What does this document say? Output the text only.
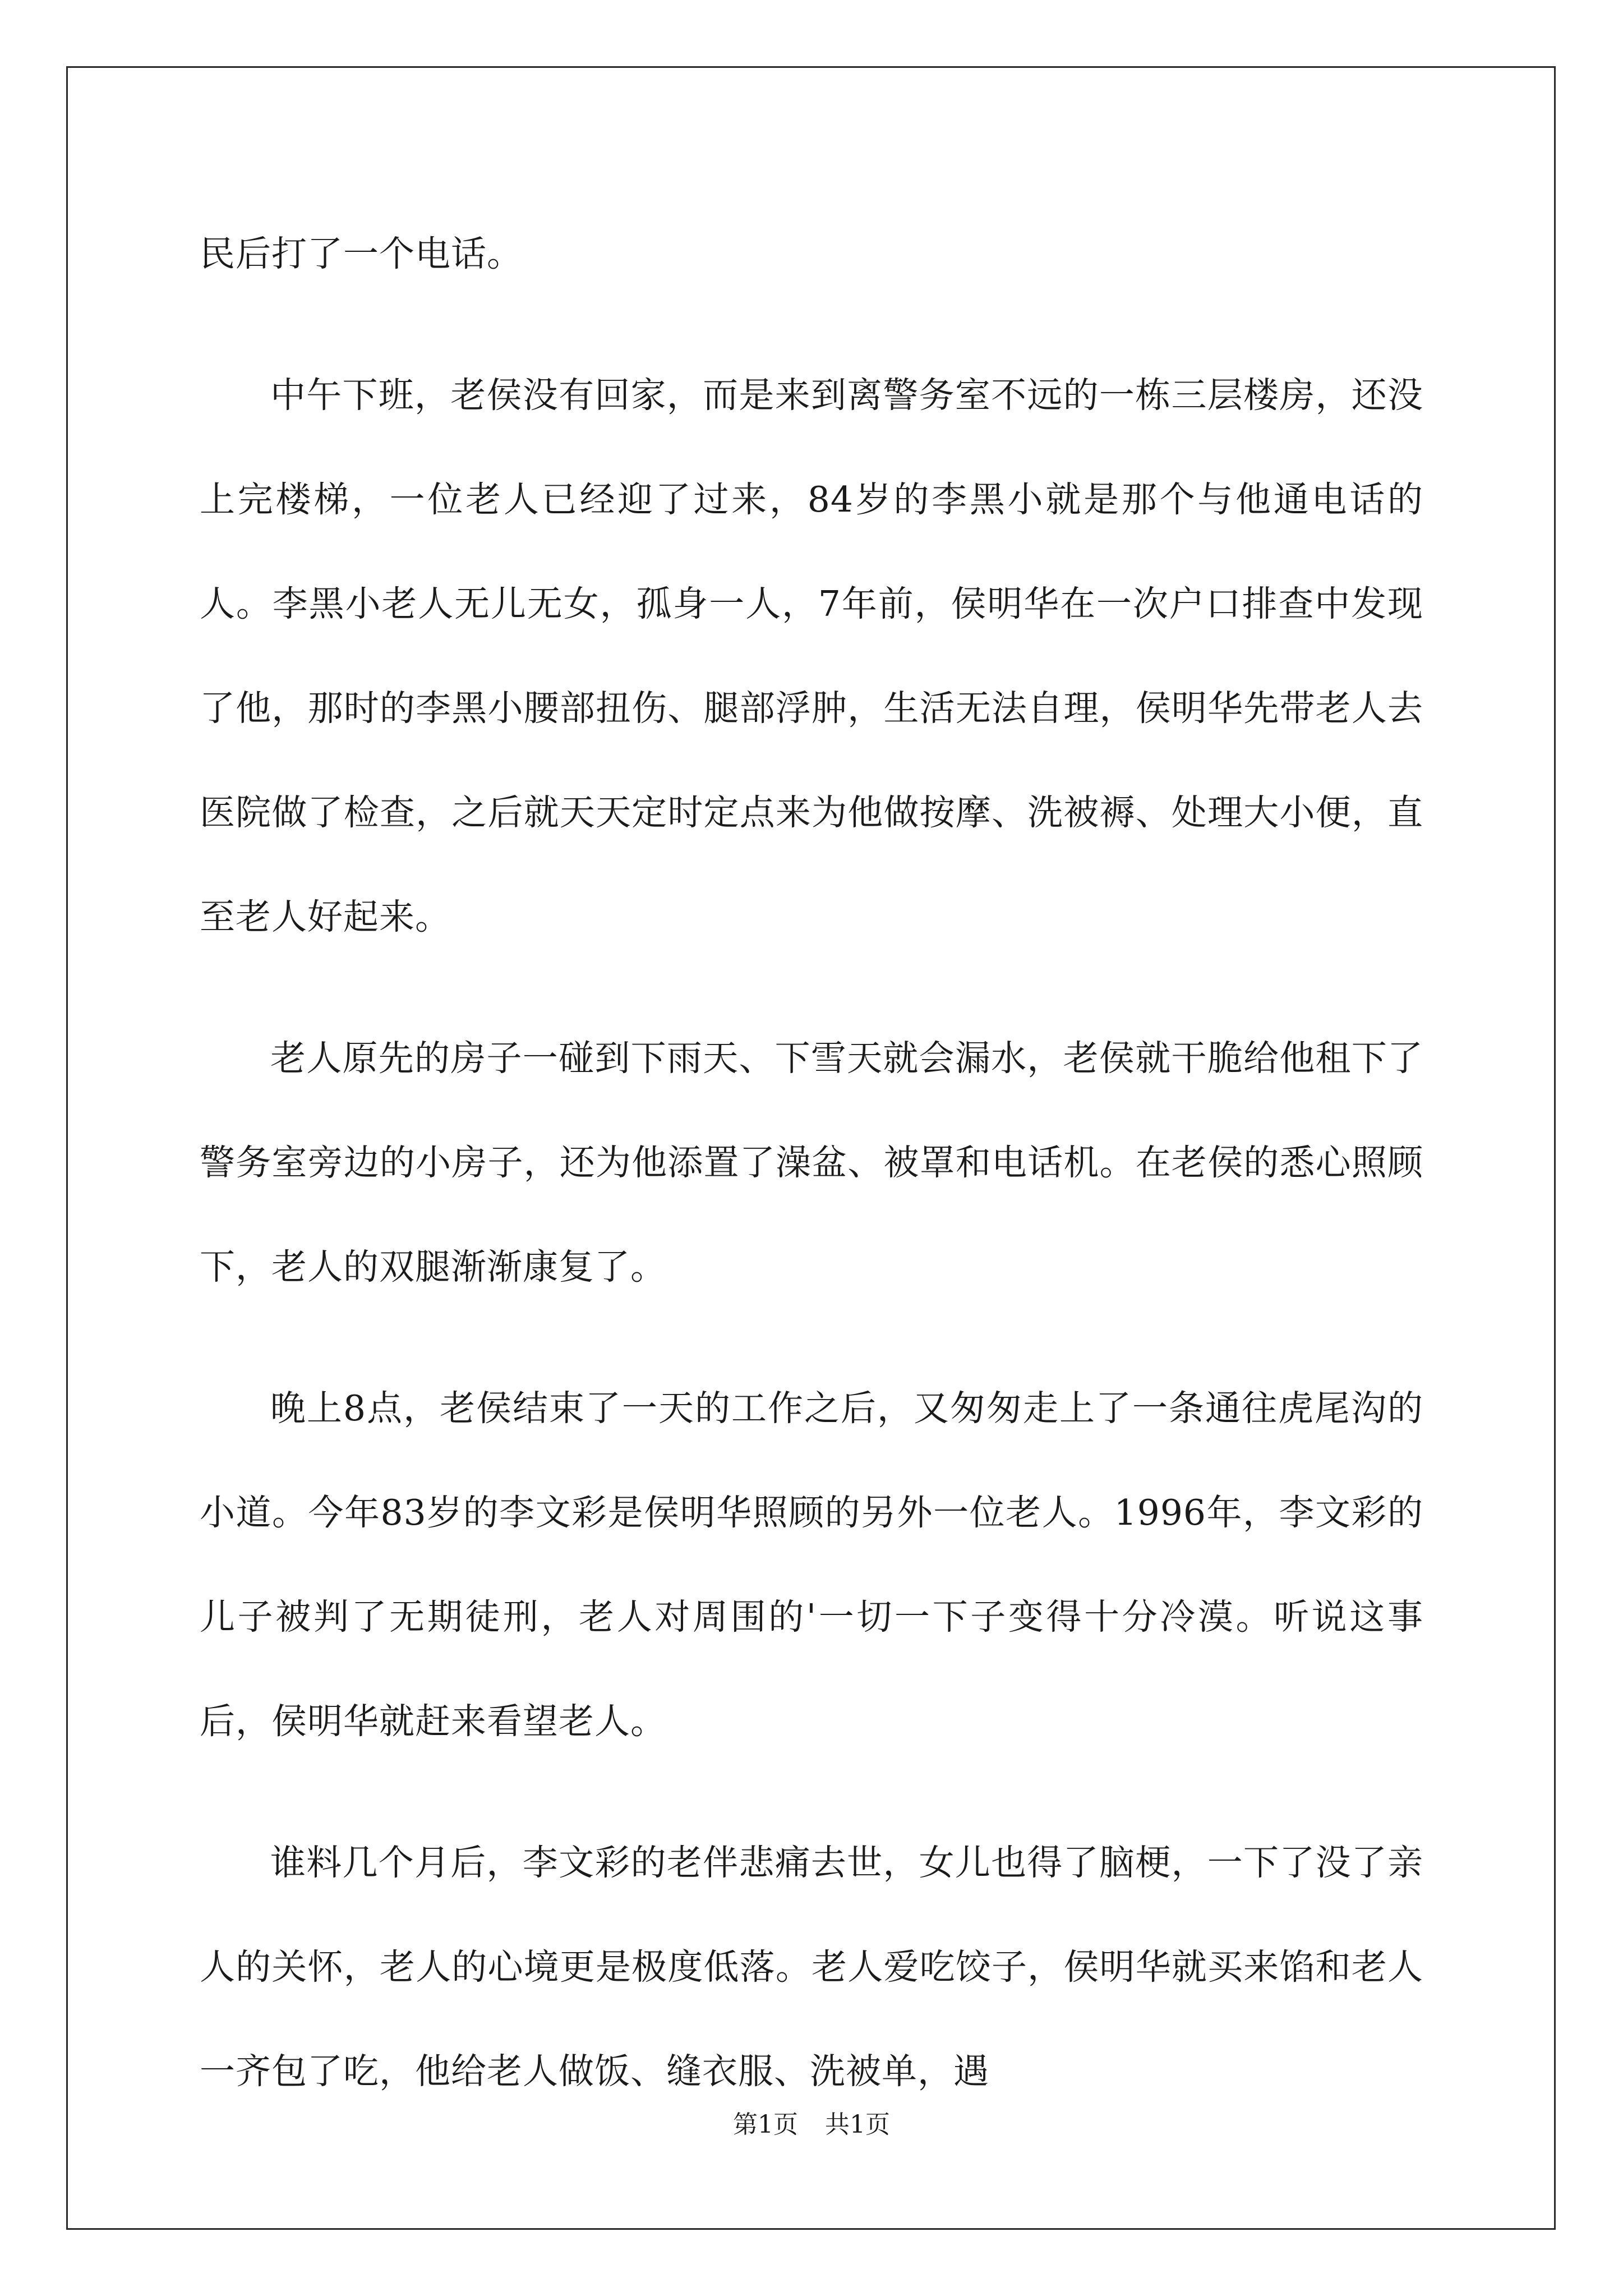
民后打了一个电话。

中午下班，老侯没有回家，而是来到离警务室不远的一栋三层楼房，还没上完楼梯，一位老人已经迎了过来，84岁的李黑小就是那个与他通电话的人。李黑小老人无儿无女，孤身一人，7年前，侯明华在一次户口排查中发现了他，那时的李黑小腰部扭伤、腿部浮肿，生活无法自理，侯明华先带老人去医院做了检查，之后就天天定时定点来为他做按摩、洗被褥、处理大小便，直至老人好起来。

老人原先的房子一碰到下雨天、下雪天就会漏水，老侯就干脆给他租下了警务室旁边的小房子，还为他添置了澡盆、被罩和电话机。在老侯的悉心照顾下，老人的双腿渐渐康复了。

晚上8点，老侯结束了一天的工作之后，又匆匆走上了一条通往虎尾沟的小道。今年83岁的李文彩是侯明华照顾的另外一位老人。1996年，李文彩的儿子被判了无期徒刑，老人对周围的'一切一下子变得十分冷漠。听说这事后，侯明华就赶来看望老人。

谁料几个月后，李文彩的老伴悲痛去世，女儿也得了脑梗，一下了没了亲人的关怀，老人的心境更是极度低落。老人爱吃饺子，侯明华就买来馅和老人一齐包了吃，他给老人做饭、缝衣服、洗被单，遇

第1页 共1页
